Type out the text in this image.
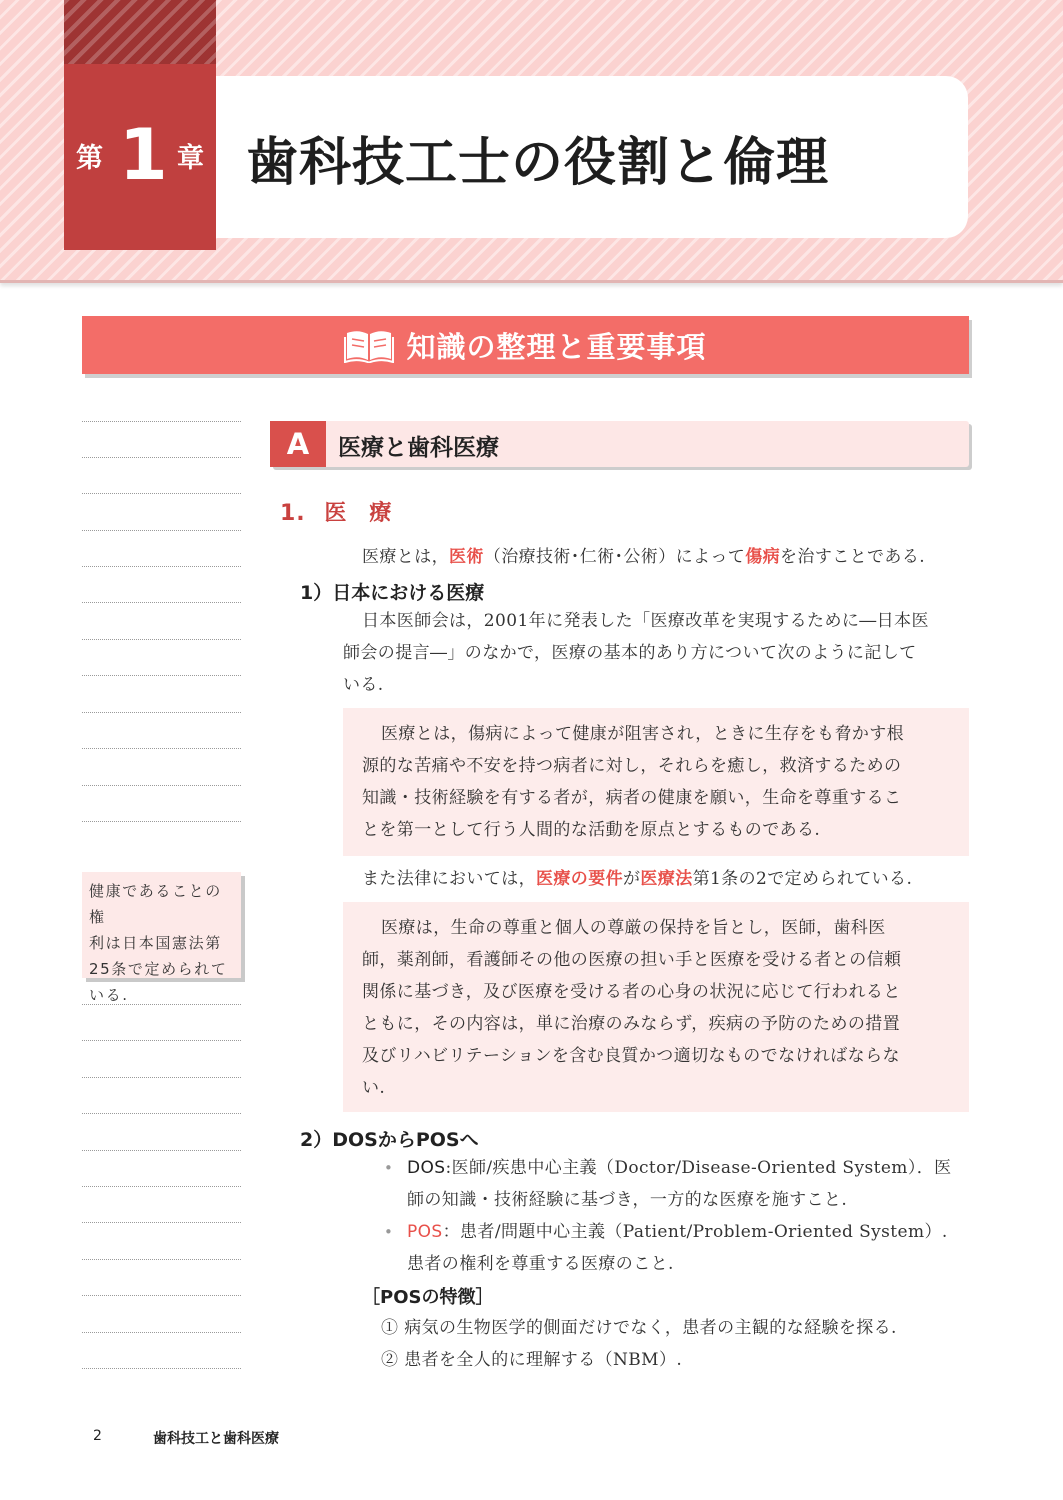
第 1 章 歯科技工士の役割と倫理
知識の整理と重要事項
健康であることの権
利は日本国憲法第
25条で定められて
いる.
A	医療と歯科医療
1. 医 療
医療とは，医術（治療技術･仁術･公術）によって傷病を治すことである.
1）日本における医療
日本医師会は，2001年に発表した「医療改革を実現するために―日本医
師会の提言―」のなかで，医療の基本的あり方について次のように記して
いる.
医療とは，傷病によって健康が阻害され，ときに生存をも脅かす根
源的な苦痛や不安を持つ病者に対し，それらを癒し，救済するための
知識・技術経験を有する者が，病者の健康を願い，生命を尊重するこ
とを第一として行う人間的な活動を原点とするものである.
また法律においては，医療の要件が医療法第1条の2で定められている.
医療は，生命の尊重と個人の尊厳の保持を旨とし，医師，歯科医
師，薬剤師，看護師その他の医療の担い手と医療を受ける者との信頼
関係に基づき，及び医療を受ける者の心身の状況に応じて行われると
ともに，その内容は，単に治療のみならず，疾病の予防のための措置
及びリハビリテーションを含む良質かつ適切なものでなければならな
い.
2）DOSからPOSへ
• DOS:医師/疾患中心主義（Doctor/Disease-Oriented System）．医
師の知識・技術経験に基づき，一方的な医療を施すこと.
• POS：患者/問題中心主義（Patient/Problem-Oriented System）.
患者の権利を尊重する医療のこと.
［POSの特徴］
① 病気の生物医学的側面だけでなく，患者の主観的な経験を探る.
② 患者を全人的に理解する（NBM）.
2	歯科技工と歯科医療
